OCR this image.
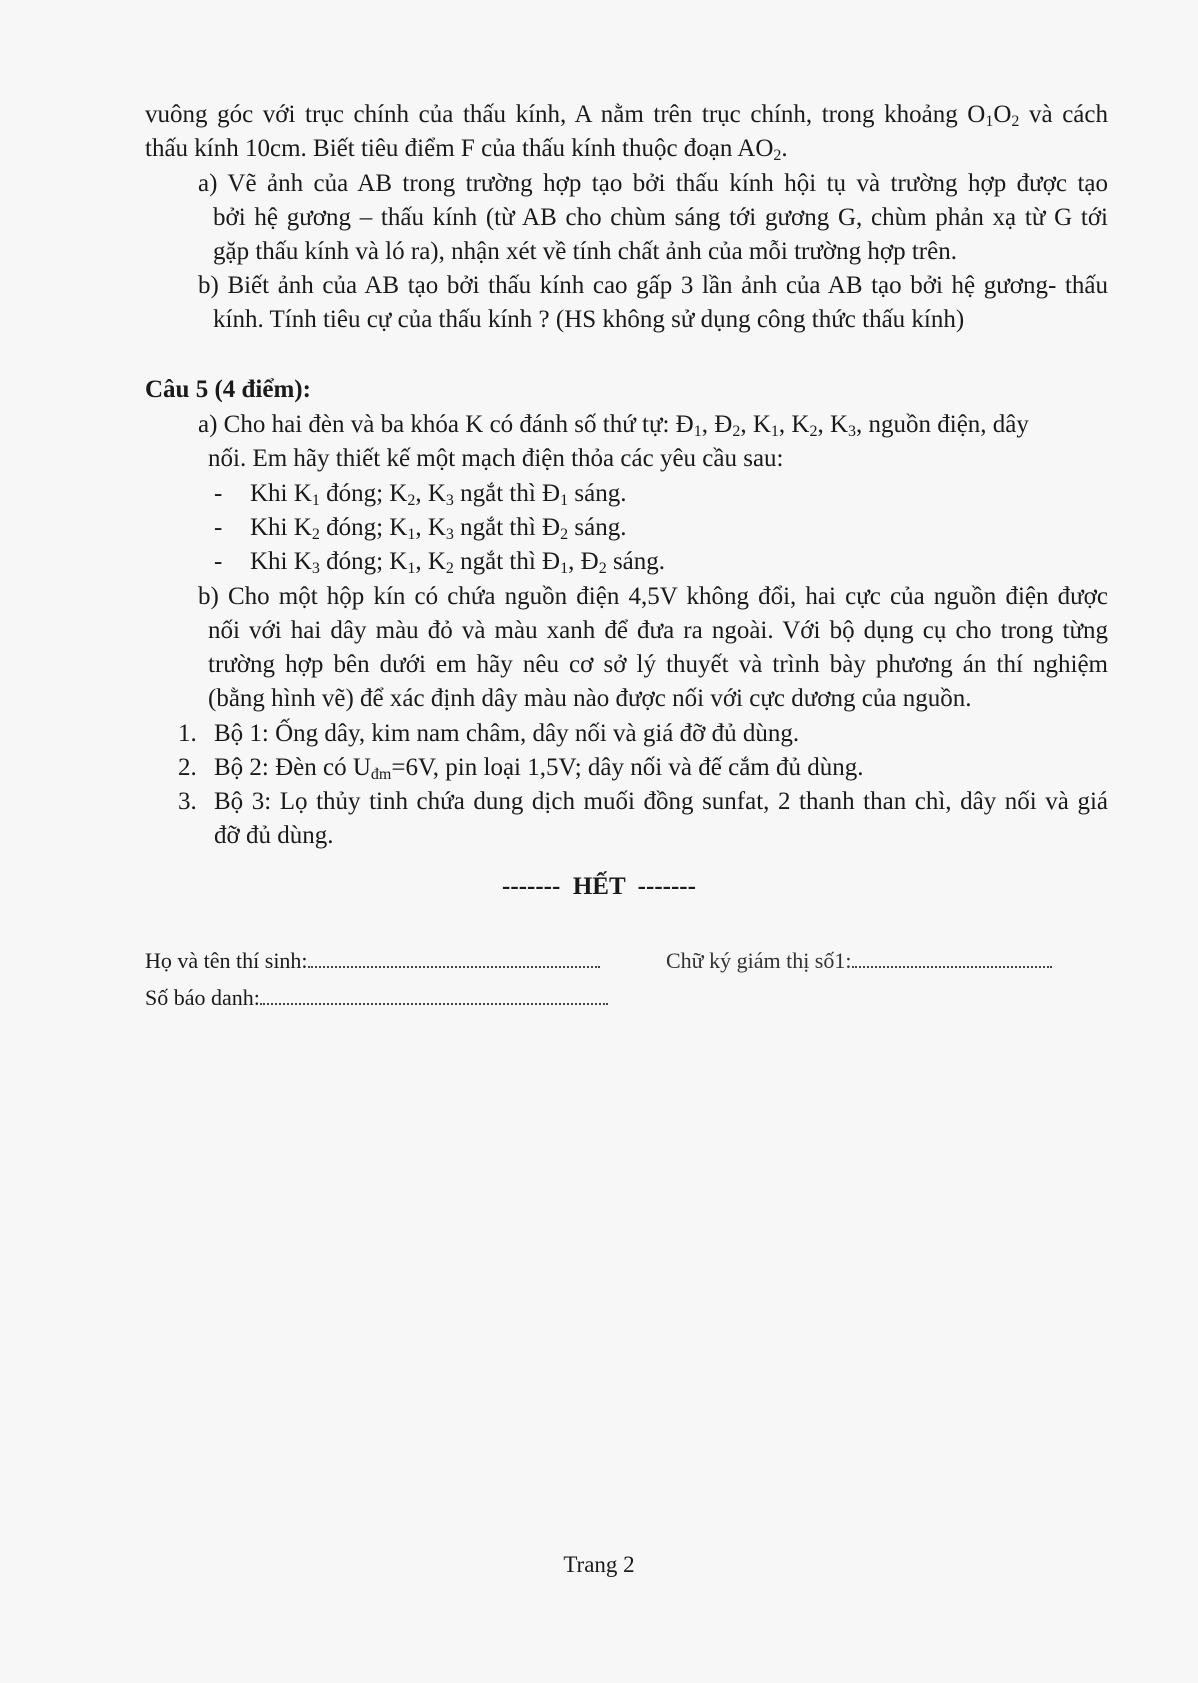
vuông góc với trục chính của thấu kính, A nằm trên trục chính, trong khoảng $O_1O_2$ và cách
thấu kính 10cm. Biết tiêu điểm F của thấu kính thuộc đoạn $AO_2$.
a) Vẽ ảnh của AB trong trường hợp tạo bởi thấu kính hội tụ và trường hợp được tạo
bởi hệ gương – thấu kính (từ AB cho chùm sáng tới gương G, chùm phản xạ từ G tới
gặp thấu kính và ló ra), nhận xét về tính chất ảnh của mỗi trường hợp trên.
b) Biết ảnh của AB tạo bởi thấu kính cao gấp 3 lần ảnh của AB tạo bởi hệ gương- thấu
kính. Tính tiêu cự của thấu kính ? (HS không sử dụng công thức thấu kính)
Câu 5 (4 điểm):
a) Cho hai đèn và ba khóa K có đánh số thứ tự: $Đ_1$, $Đ_2$, $K_1$, $K_2$, $K_3$, nguồn điện, dây
nối. Em hãy thiết kế một mạch điện thỏa các yêu cầu sau:
- Khi $K_1$ đóng; $K_2$, $K_3$ ngắt thì $Đ_1$ sáng.
- Khi $K_2$ đóng; $K_1$, $K_3$ ngắt thì $Đ_2$ sáng.
- Khi $K_3$ đóng; $K_1$, $K_2$ ngắt thì $Đ_1$, $Đ_2$ sáng.
b) Cho một hộp kín có chứa nguồn điện 4,5V không đổi, hai cực của nguồn điện được
nối với hai dây màu đỏ và màu xanh để đưa ra ngoài. Với bộ dụng cụ cho trong từng
trường hợp bên dưới em hãy nêu cơ sở lý thuyết và trình bày phương án thí nghiệm
(bằng hình vẽ) để xác định dây màu nào được nối với cực dương của nguồn.
1. Bộ 1: Ống dây, kim nam châm, dây nối và giá đỡ đủ dùng.
2. Bộ 2: Đèn có $U_{đm}=6V$, pin loại 1,5V; dây nối và đế cắm đủ dùng.
3. Bộ 3: Lọ thủy tinh chứa dung dịch muối đồng sunfat, 2 thanh than chì, dây nối và giá
đỡ đủ dùng.
-------  HẾT  -------
Họ và tên thí sinh:	Chữ ký giám thị số1:
Số báo danh:
Trang 2
